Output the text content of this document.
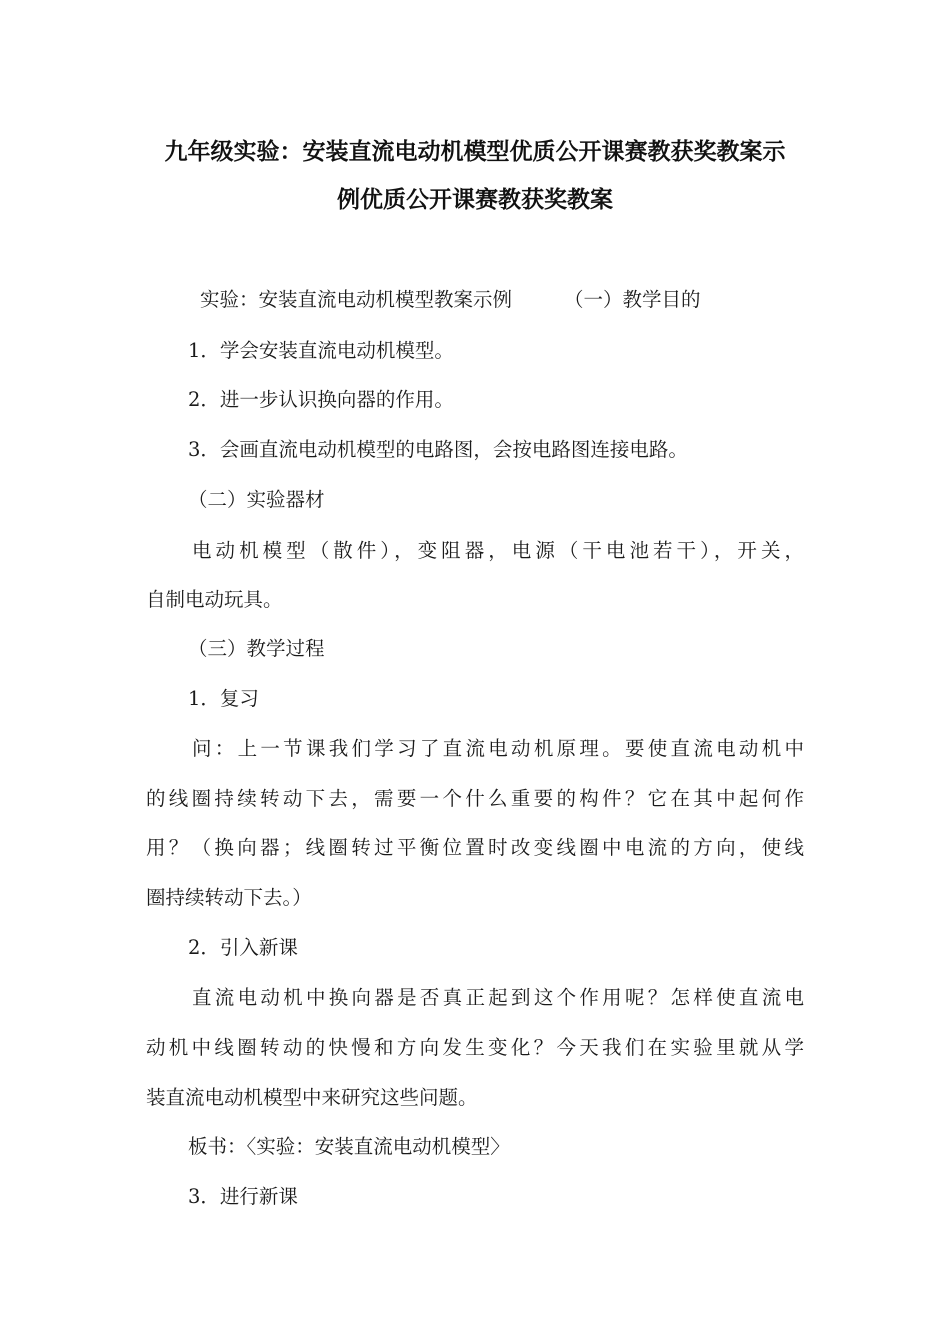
九年级实验：安装直流电动机模型优质公开课赛教获奖教案示
例优质公开课赛教获奖教案
实验：安装直流电动机模型教案示例	（一）教学目的
1．学会安装直流电动机模型。
2．进一步认识换向器的作用。
3．会画直流电动机模型的电路图，会按电路图连接电路。
（二）实验器材
电动机模型（散件），变阻器，电源（干电池若干），开关，
自制电动玩具。
（三）教学过程
1．复习
问：上一节课我们学习了直流电动机原理。要使直流电动机中
的线圈持续转动下去，需要一个什么重要的构件？它在其中起何作
用？（换向器；线圈转过平衡位置时改变线圈中电流的方向，使线
圈持续转动下去。）
2．引入新课
直流电动机中换向器是否真正起到这个作用呢？怎样使直流电
动机中线圈转动的快慢和方向发生变化？今天我们在实验里就从学
装直流电动机模型中来研究这些问题。
板书：〈实验：安装直流电动机模型〉
3．进行新课
